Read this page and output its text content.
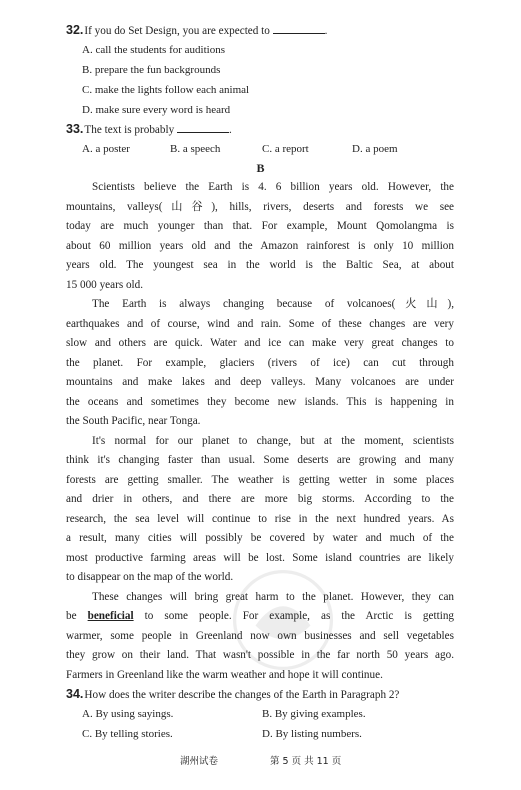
32.If you do Set Design, you are expected to	.
A. call the students for auditions
B. prepare the fun backgrounds
C. make the lights follow each animal
D. make sure every word is heard
33.The text is probably	.
A. a poster	B. a speech	C. a report	D. a poem
B
Scientists believe the Earth is 4. 6 billion years old. However, the
mountains, valleys(山谷), hills, rivers, deserts and forests we see
today are much younger than that. For example, Mount Qomolangma is
about 60 million years old and the Amazon rainforest is only 10 million
years old. The youngest sea in the world is the Baltic Sea, at about
15 000 years old.
The Earth is always changing because of volcanoes(火山),
earthquakes and of course, wind and rain. Some of these changes are very
slow and others are quick. Water and ice can make very great changes to
the planet. For example, glaciers (rivers of ice) can cut through
mountains and make lakes and deep valleys. Many volcanoes are under
the oceans and sometimes they become new islands. This is happening in
the South Pacific, near Tonga.
It's normal for our planet to change, but at the moment, scientists
think it's changing faster than usual. Some deserts are growing and many
forests are getting smaller. The weather is getting wetter in some places
and drier in others, and there are more big storms. According to the
research, the sea level will continue to rise in the next hundred years. As
a result, many cities will possibly be covered by water and much of the
most productive farming areas will be lost. Some island countries are likely
to disappear on the map of the world.
These changes will bring great harm to the planet. However, they can
be beneficial to some people. For example, as the Arctic is getting
warmer, some people in Greenland now own businesses and sell vegetables
they grow on their land. That wasn't possible in the far north 50 years ago.
Farmers in Greenland like the warm weather and hope it will continue.
34.How does the writer describe the changes of the Earth in Paragraph 2?
A. By using sayings.	B. By giving examples.
C. By telling stories.	D. By listing numbers.
湖州试卷	第 5 页 共 11 页
